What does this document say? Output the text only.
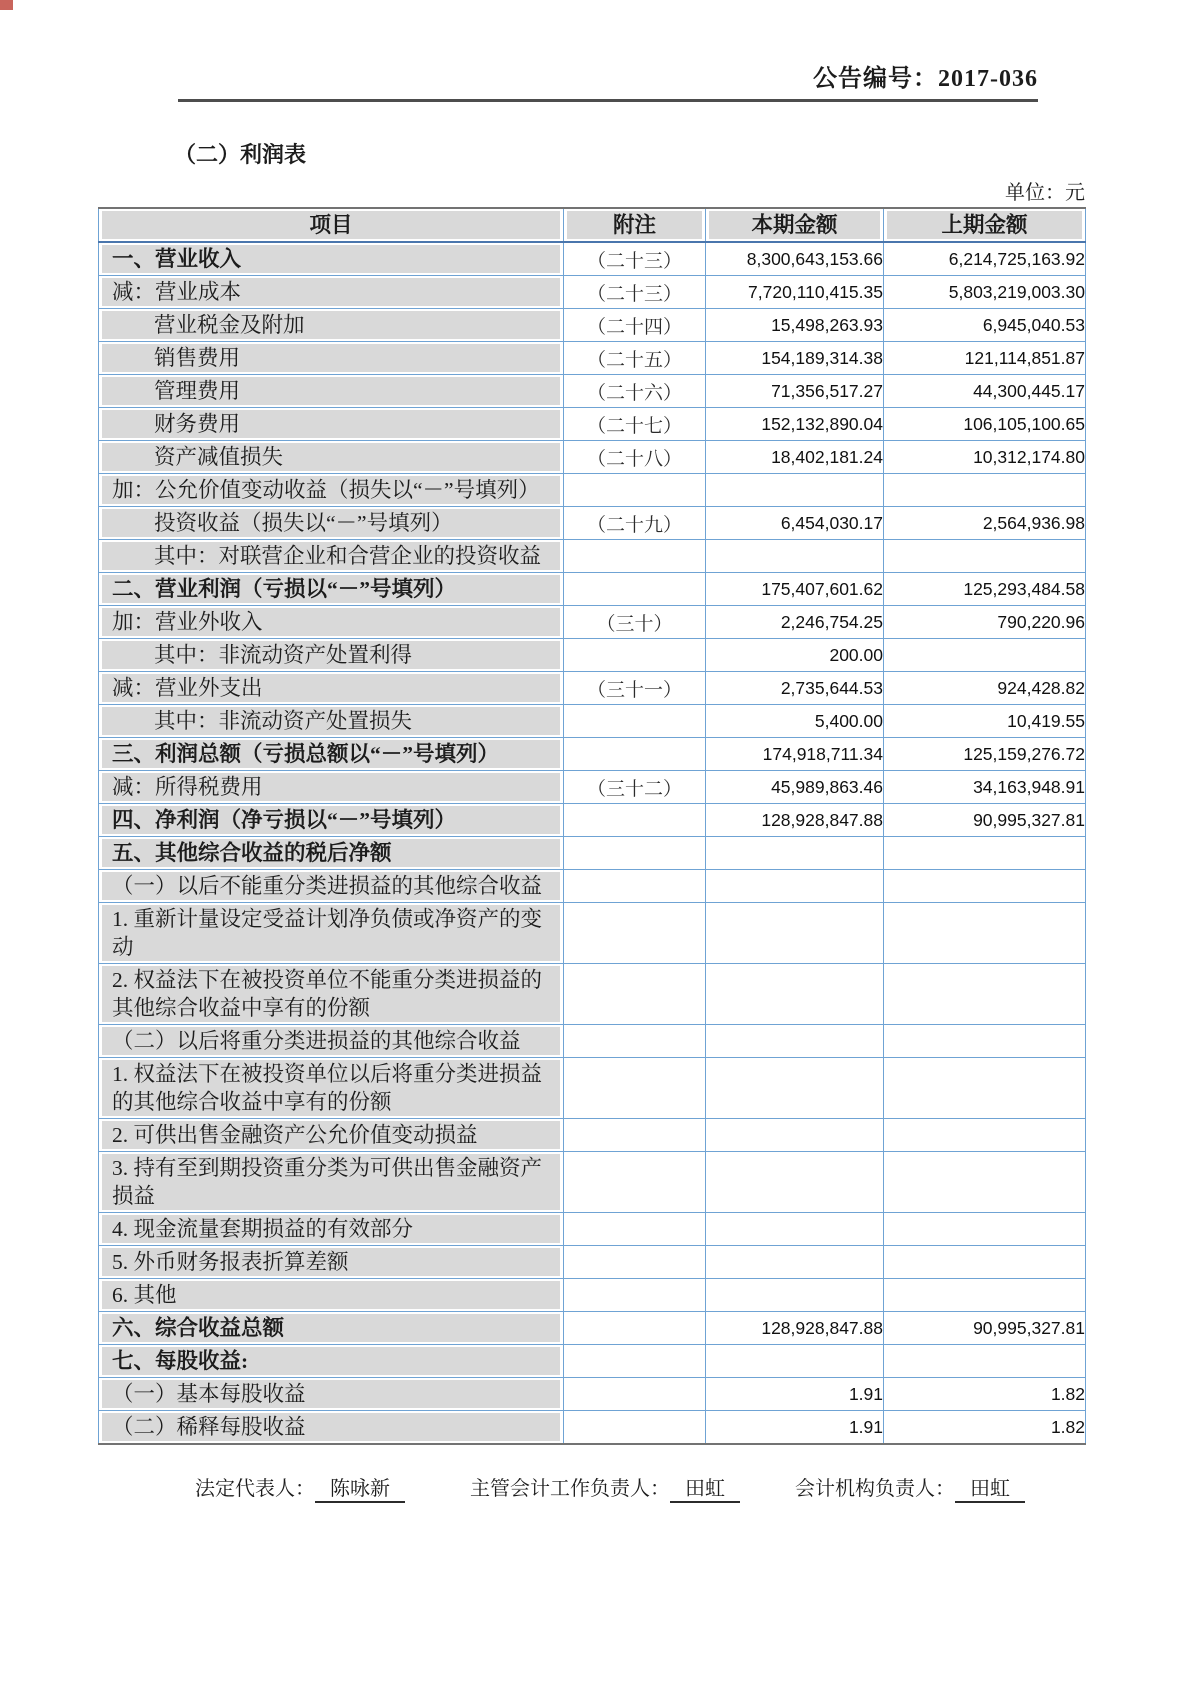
公告编号：2017-036
（二）利润表
单位：元
项目	附注	本期金额	上期金额

一、营业收入	（二十三）	8,300,643,153.66	6,214,725,163.92

减：营业成本	（二十三）	7,720,110,415.35	5,803,219,003.30

营业税金及附加	（二十四）	15,498,263.93	6,945,040.53

销售费用	（二十五）	154,189,314.38	121,114,851.87

管理费用	（二十六）	71,356,517.27	44,300,445.17

财务费用	（二十七）	152,132,890.04	106,105,100.65

资产减值损失	（二十八）	18,402,181.24	10,312,174.80

加：公允价值变动收益（损失以“－”号填列）			

投资收益（损失以“－”号填列）	（二十九）	6,454,030.17	2,564,936.98

其中：对联营企业和合营企业的投资收益			

二、营业利润（亏损以“－”号填列）		175,407,601.62	125,293,484.58

加：营业外收入	（三十）	2,246,754.25	790,220.96

其中：非流动资产处置利得		200.00	

减：营业外支出	（三十一）	2,735,644.53	924,428.82

其中：非流动资产处置损失		5,400.00	10,419.55

三、利润总额（亏损总额以“－”号填列）		174,918,711.34	125,159,276.72

减：所得税费用	（三十二）	45,989,863.46	34,163,948.91

四、净利润（净亏损以“－”号填列）		128,928,847.88	90,995,327.81

五、其他综合收益的税后净额			

（一）以后不能重分类进损益的其他综合收益			

1. 重新计量设定受益计划净负债或净资产的变动			

2. 权益法下在被投资单位不能重分类进损益的其他综合收益中享有的份额			

（二）以后将重分类进损益的其他综合收益			

1. 权益法下在被投资单位以后将重分类进损益的其他综合收益中享有的份额			

2. 可供出售金融资产公允价值变动损益			

3. 持有至到期投资重分类为可供出售金融资产损益			

4. 现金流量套期损益的有效部分			

5. 外币财务报表折算差额			

6. 其他			

六、综合收益总额		128,928,847.88	90,995,327.81

七、每股收益:			

（一）基本每股收益		1.91	1.82

（二）稀释每股收益		1.91	1.82
法定代表人： 陈咏新	主管会计工作负责人： 田虹	会计机构负责人： 田虹
